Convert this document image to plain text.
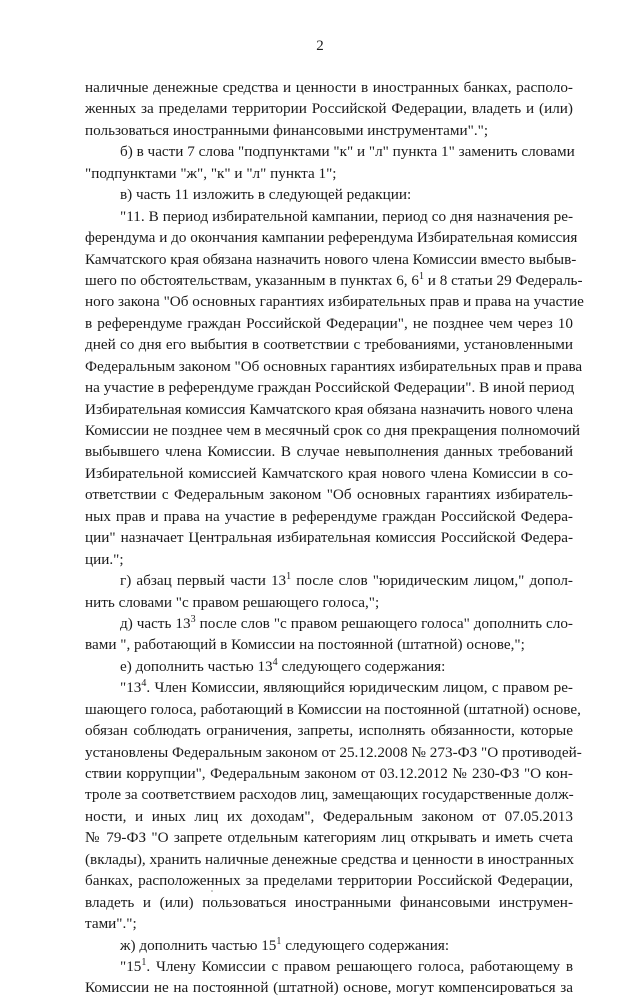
2
наличные денежные средства и ценности в иностранных банках, располо-
женных за пределами территории Российской Федерации, владеть и (или)
пользоваться иностранными финансовыми инструментами".";
б) в части 7 слова "подпунктами "к" и "л" пункта 1" заменить словами
"подпунктами "ж", "к" и "л" пункта 1";
в) часть 11 изложить в следующей редакции:
"11. В период избирательной кампании, период со дня назначения ре-
ферендума и до окончания кампании референдума Избирательная комиссия
Камчатского края обязана назначить нового члена Комиссии вместо выбыв-
шего по обстоятельствам, указанным в пунктах 6, $6^1$ и 8 статьи 29 Федераль-
ного закона "Об основных гарантиях избирательных прав и права на участие
в референдуме граждан Российской Федерации", не позднее чем через 10
дней со дня его выбытия в соответствии с требованиями, установленными
Федеральным законом "Об основных гарантиях избирательных прав и права
на участие в референдуме граждан Российской Федерации". В иной период
Избирательная комиссия Камчатского края обязана назначить нового члена
Комиссии не позднее чем в месячный срок со дня прекращения полномочий
выбывшего члена Комиссии. В случае невыполнения данных требований
Избирательной комиссией Камчатского края нового члена Комиссии в со-
ответствии с Федеральным законом "Об основных гарантиях избиратель-
ных прав и права на участие в референдуме граждан Российской Федера-
ции" назначает Центральная избирательная комиссия Российской Федера-
ции.";
г) абзац первый части $13^1$ после слов "юридическим лицом," допол-
нить словами "с правом решающего голоса,";
д) часть $13^3$ после слов "с правом решающего голоса" дополнить сло-
вами ", работающий в Комиссии на постоянной (штатной) основе,";
е) дополнить частью $13^4$ следующего содержания:
"$13^4$. Член Комиссии, являющийся юридическим лицом, с правом ре-
шающего голоса, работающий в Комиссии на постоянной (штатной) основе,
обязан соблюдать ограничения, запреты, исполнять обязанности, которые
установлены Федеральным законом от 25.12.2008 № 273-ФЗ "О противодей-
ствии коррупции", Федеральным законом от 03.12.2012 № 230-ФЗ "О кон-
троле за соответствием расходов лиц, замещающих государственные долж-
ности, и иных лиц их доходам", Федеральным законом от 07.05.2013
№ 79-ФЗ "О запрете отдельным категориям лиц открывать и иметь счета
(вклады), хранить наличные денежные средства и ценности в иностранных
банках, расположенных за пределами территории Российской Федерации,
владеть и (или) пользоваться иностранными финансовыми инструмен-
тами".";
ж) дополнить частью $15^1$ следующего содержания:
"$15^1$. Члену Комиссии с правом решающего голоса, работающему в
Комиссии не на постоянной (штатной) основе, могут компенсироваться за
